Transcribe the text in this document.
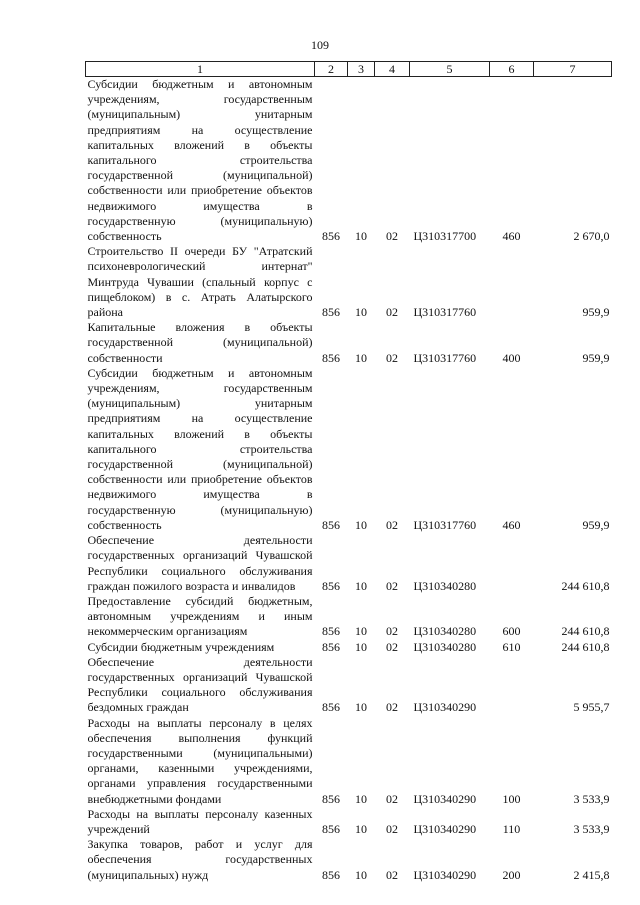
109
1	2	3	4	5	6	7
Субсидии бюджетным и автономным учреждениям, государственным (муниципальным) унитарным предприятиям на осуществление капитальных вложений в объекты капитального строительства государственной (муниципальной) собственности или приобретение объектов недвижимого имущества в государственную (муниципальную) собственность	856	10	02	Ц310317700	460	2 670,0
Строительство II очереди БУ "Атратский психоневрологический интернат" Минтруда Чувашии (спальный корпус с пищеблоком) в с. Атрать Алатырского района	856	10	02	Ц310317760		959,9
Капитальные вложения в объекты государственной (муниципальной) собственности	856	10	02	Ц310317760	400	959,9
Субсидии бюджетным и автономным учреждениям, государственным (муниципальным) унитарным предприятиям на осуществление капитальных вложений в объекты капитального строительства государственной (муниципальной) собственности или приобретение объектов недвижимого имущества в государственную (муниципальную) собственность	856	10	02	Ц310317760	460	959,9
Обеспечение деятельности государственных организаций Чувашской Республики социального обслуживания граждан пожилого возраста и инвалидов	856	10	02	Ц310340280		244 610,8
Предоставление субсидий бюджетным, автономным учреждениям и иным некоммерческим организациям	856	10	02	Ц310340280	600	244 610,8
Субсидии бюджетным учреждениям	856	10	02	Ц310340280	610	244 610,8
Обеспечение деятельности государственных организаций Чувашской Республики социального обслуживания бездомных граждан	856	10	02	Ц310340290		5 955,7
Расходы на выплаты персоналу в целях обеспечения выполнения функций государственными (муниципальными) органами, казенными учреждениями, органами управления государственными внебюджетными фондами	856	10	02	Ц310340290	100	3 533,9
Расходы на выплаты персоналу казенных учреждений	856	10	02	Ц310340290	110	3 533,9
Закупка товаров, работ и услуг для обеспечения государственных (муниципальных) нужд	856	10	02	Ц310340290	200	2 415,8
